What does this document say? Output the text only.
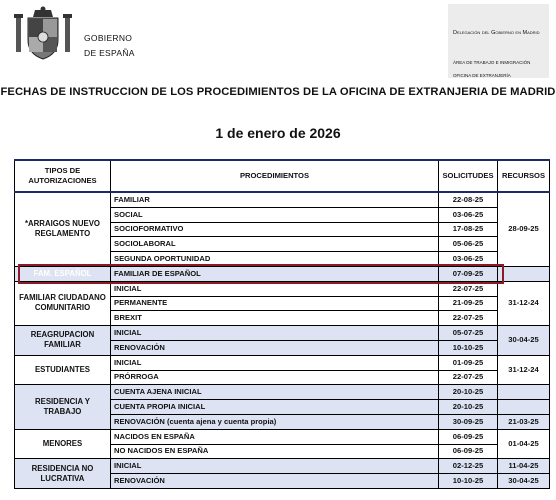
GOBIERNO
DE ESPAÑA
Delegación del Gobierno en Madrid
ÁREA DE TRABAJO E INMIGRACIÓN
OFICINA DE EXTRANJERÍA
FECHAS DE INSTRUCCION DE LOS PROCEDIMIENTOS DE LA OFICINA DE EXTRANJERIA DE MADRID
1 de enero de 2026
TIPOS DE AUTORIZACIONES	PROCEDIMIENTOS	SOLICITUDES	RECURSOS
*ARRAIGOS NUEVO REGLAMENTO	FAMILIAR	22-08-25	28-09-25
	SOCIAL	03-06-25	
	SOCIOFORMATIVO	17-08-25	
	SOCIOLABORAL	05-06-25	
	SEGUNDA OPORTUNIDAD	03-06-25	
FAM. ESPAÑOL	FAMILIAR DE ESPAÑOL	07-09-25	
FAMILIAR CIUDADANO COMUNITARIO	INICIAL	22-07-25	31-12-24
	PERMANENTE	21-09-25	
	BREXIT	22-07-25	
REAGRUPACION FAMILIAR	INICIAL	05-07-25	30-04-25
	RENOVACIÓN	10-10-25	
ESTUDIANTES	INICIAL	01-09-25	31-12-24
	PRÓRROGA	22-07-25	
RESIDENCIA Y TRABAJO	CUENTA AJENA INICIAL	20-10-25	
	CUENTA PROPIA INICIAL	20-10-25	
	RENOVACIÓN (cuenta ajena y cuenta propia)	30-09-25	21-03-25
MENORES	NACIDOS EN ESPAÑA	06-09-25	01-04-25
	NO NACIDOS EN ESPAÑA	06-09-25	
RESIDENCIA NO LUCRATIVA	INICIAL	02-12-25	11-04-25
	RENOVACIÓN	10-10-25	30-04-25
